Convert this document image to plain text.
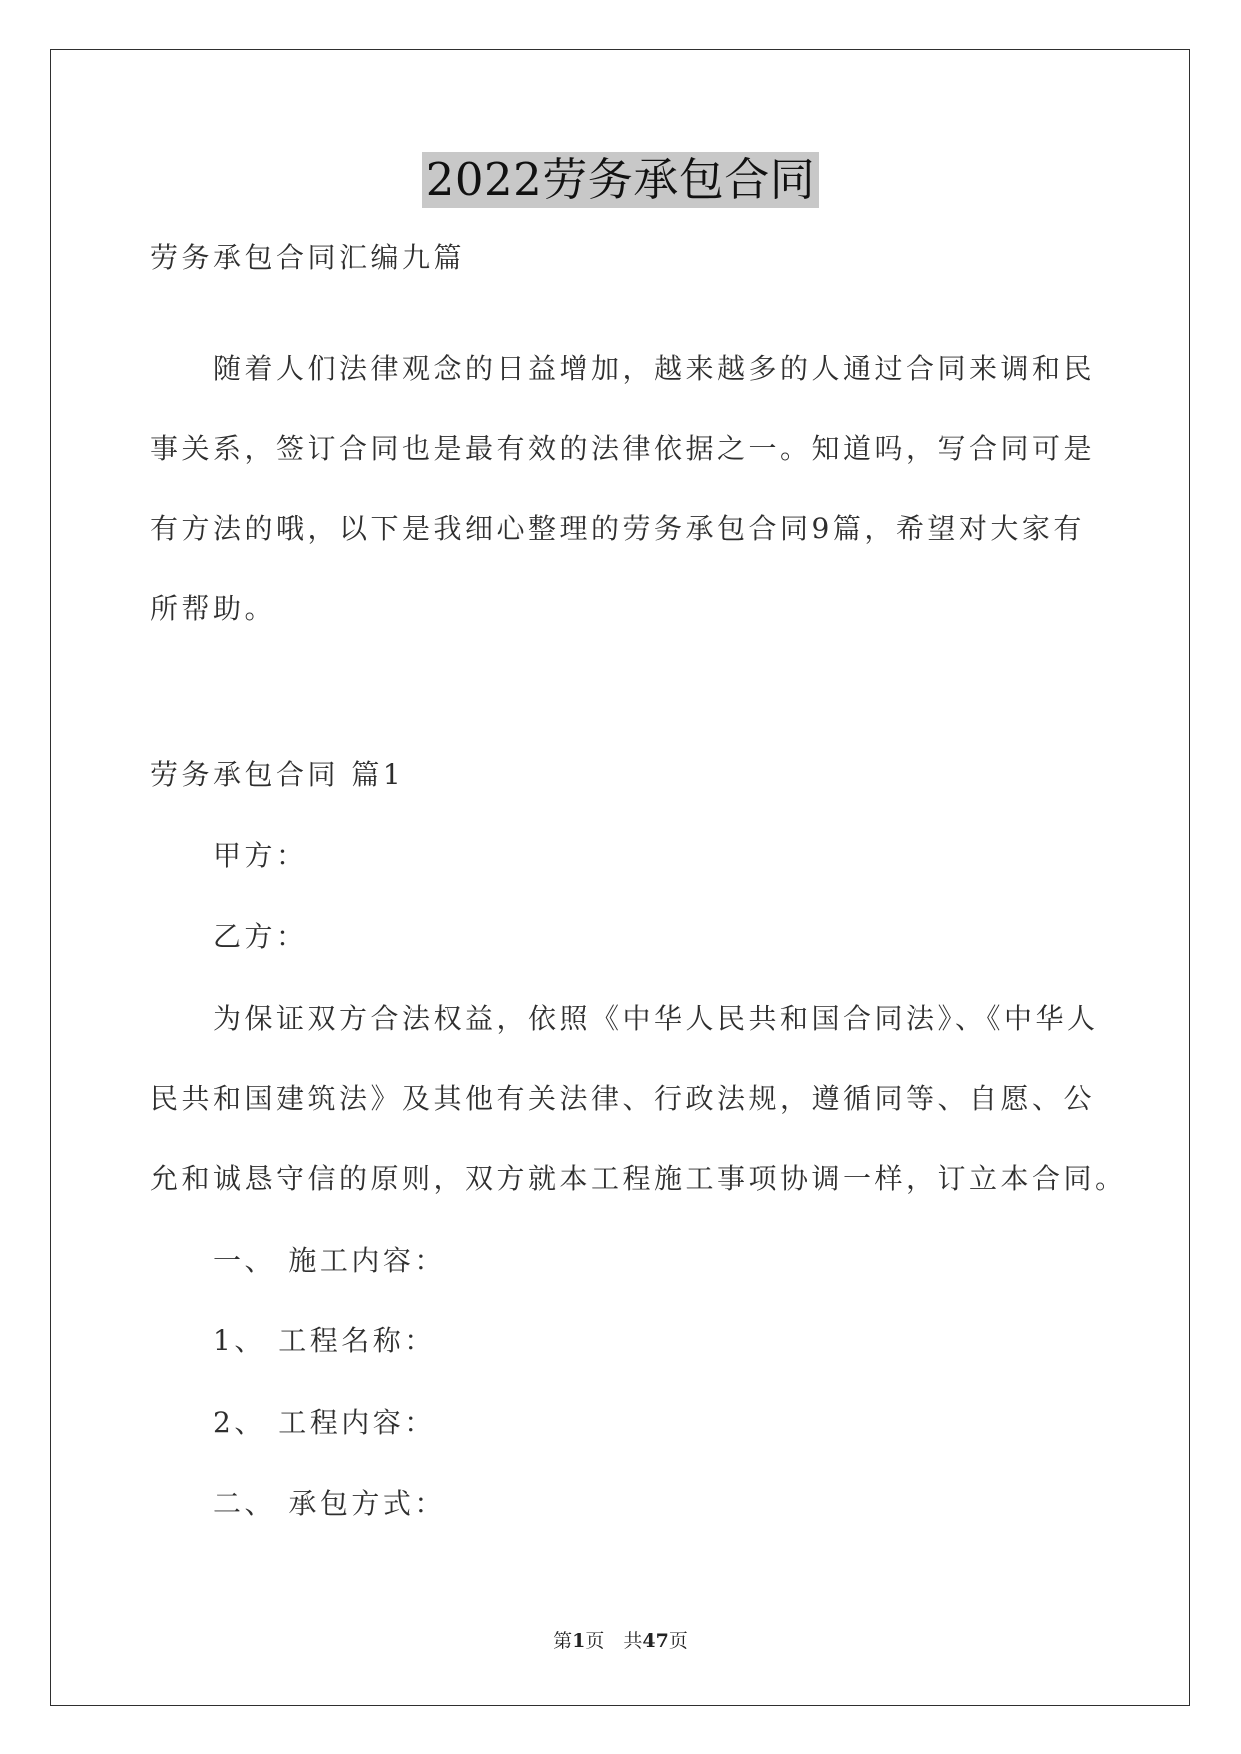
2022劳务承包合同
劳务承包合同汇编九篇
随着人们法律观念的日益增加，越来越多的人通过合同来调和民
事关系，签订合同也是最有效的法律依据之一。知道吗，写合同可是
有方法的哦，以下是我细心整理的劳务承包合同9篇，希望对大家有
所帮助。
劳务承包合同 篇1
甲方：
乙方：
为保证双方合法权益，依照《中华人民共和国合同法》、《中华人
民共和国建筑法》及其他有关法律、行政法规，遵循同等、自愿、公
允和诚恳守信的原则，双方就本工程施工事项协调一样，订立本合同。
一、 施工内容：
1、 工程名称：
2、 工程内容：
二、 承包方式：
第1页　共47页
